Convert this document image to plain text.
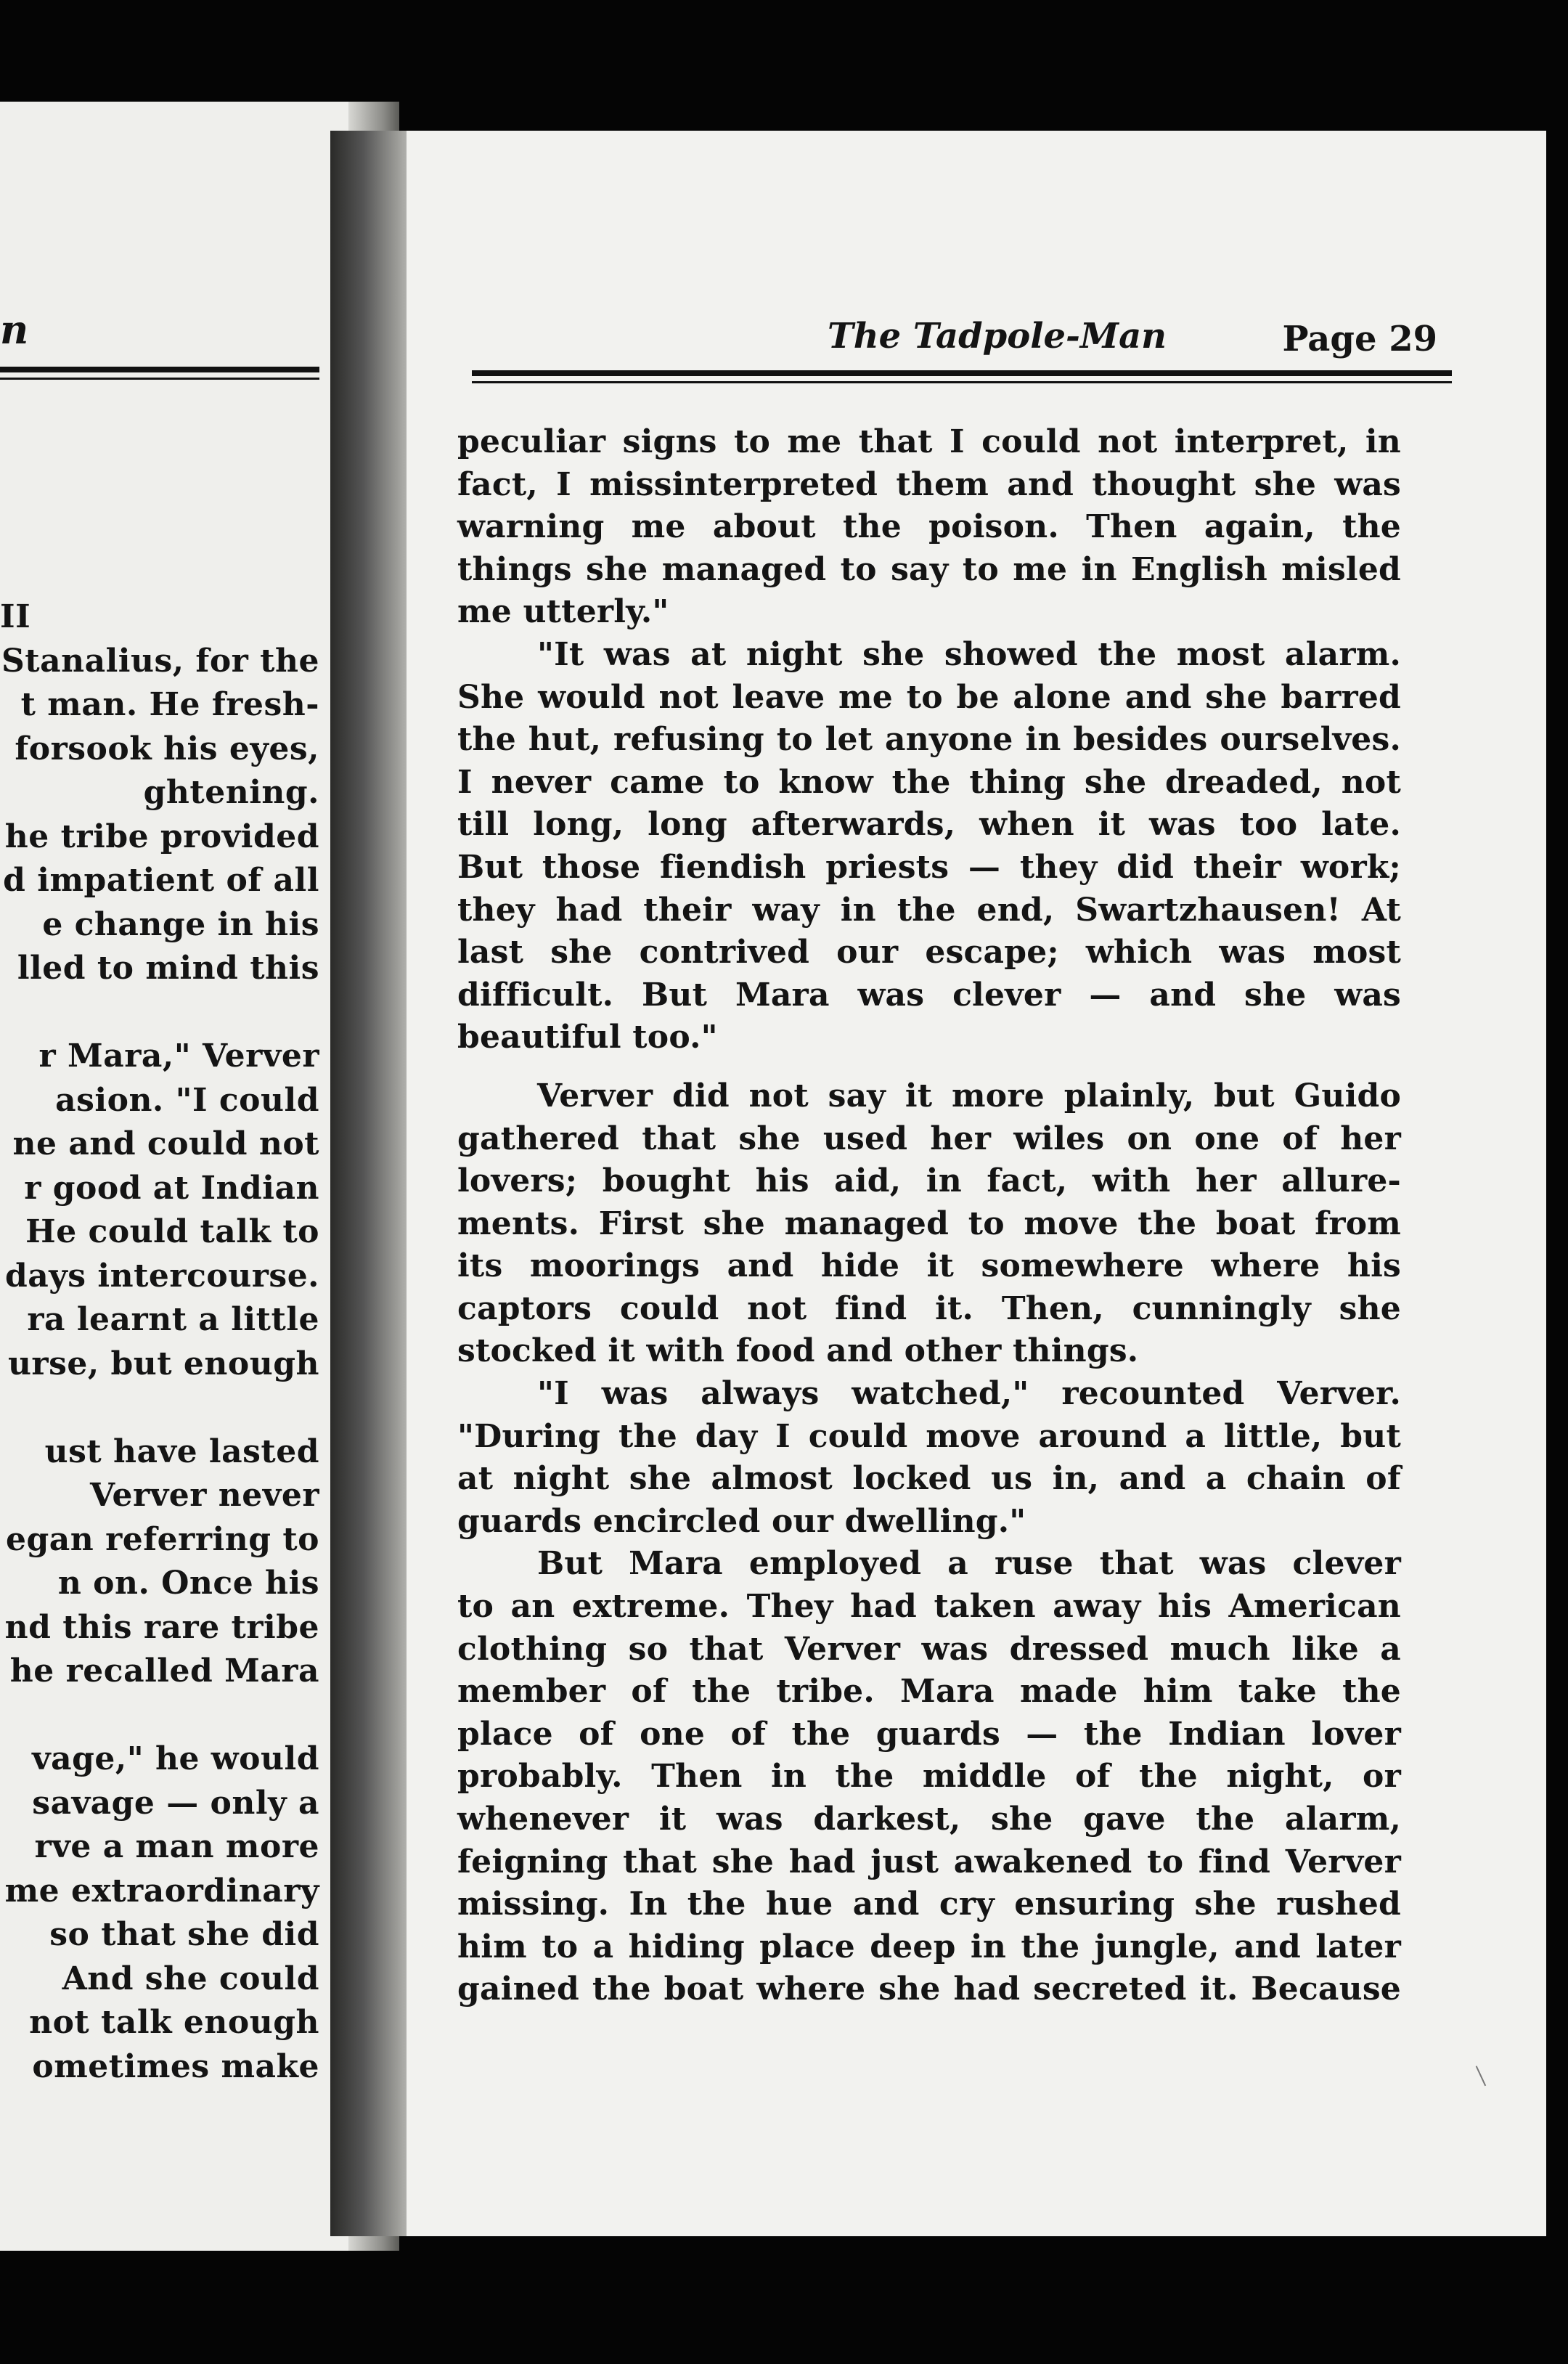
n
II
Stanalius, for the
t man. He fresh-
forsook his eyes,
ghtening.
he tribe provided
d impatient of all
e change in his
lled to mind this
r Mara," Verver
asion. "I could
ne and could not
r good at Indian
He could talk to
days intercourse.
ra learnt a little
urse, but enough
ust have lasted
Verver never
egan referring to
n on. Once his
nd this rare tribe
he recalled Mara
vage," he would
savage — only a
rve a man more
me extraordinary
so that she did
And she could
not talk enough
ometimes make
The Tadpole-Man	Page 29
peculiar signs to me that I could not interpret, in
fact, I missinterpreted them and thought she was
warning me about the poison. Then again, the
things she managed to say to me in English misled
me utterly."
"It was at night she showed the most alarm.
She would not leave me to be alone and she barred
the hut, refusing to let anyone in besides ourselves.
I never came to know the thing she dreaded, not
till long, long afterwards, when it was too late.
But those fiendish priests — they did their work;
they had their way in the end, Swartzhausen! At
last she contrived our escape; which was most
difficult. But Mara was clever — and she was
beautiful too."
Verver did not say it more plainly, but Guido
gathered that she used her wiles on one of her
lovers; bought his aid, in fact, with her allure-
ments. First she managed to move the boat from
its moorings and hide it somewhere where his
captors could not find it. Then, cunningly she
stocked it with food and other things.
"I was always watched," recounted Verver.
"During the day I could move around a little, but
at night she almost locked us in, and a chain of
guards encircled our dwelling."
But Mara employed a ruse that was clever
to an extreme. They had taken away his American
clothing so that Verver was dressed much like a
member of the tribe. Mara made him take the
place of one of the guards — the Indian lover
probably. Then in the middle of the night, or
whenever it was darkest, she gave the alarm,
feigning that she had just awakened to find Verver
missing. In the hue and cry ensuring she rushed
him to a hiding place deep in the jungle, and later
gained the boat where she had secreted it. Because
